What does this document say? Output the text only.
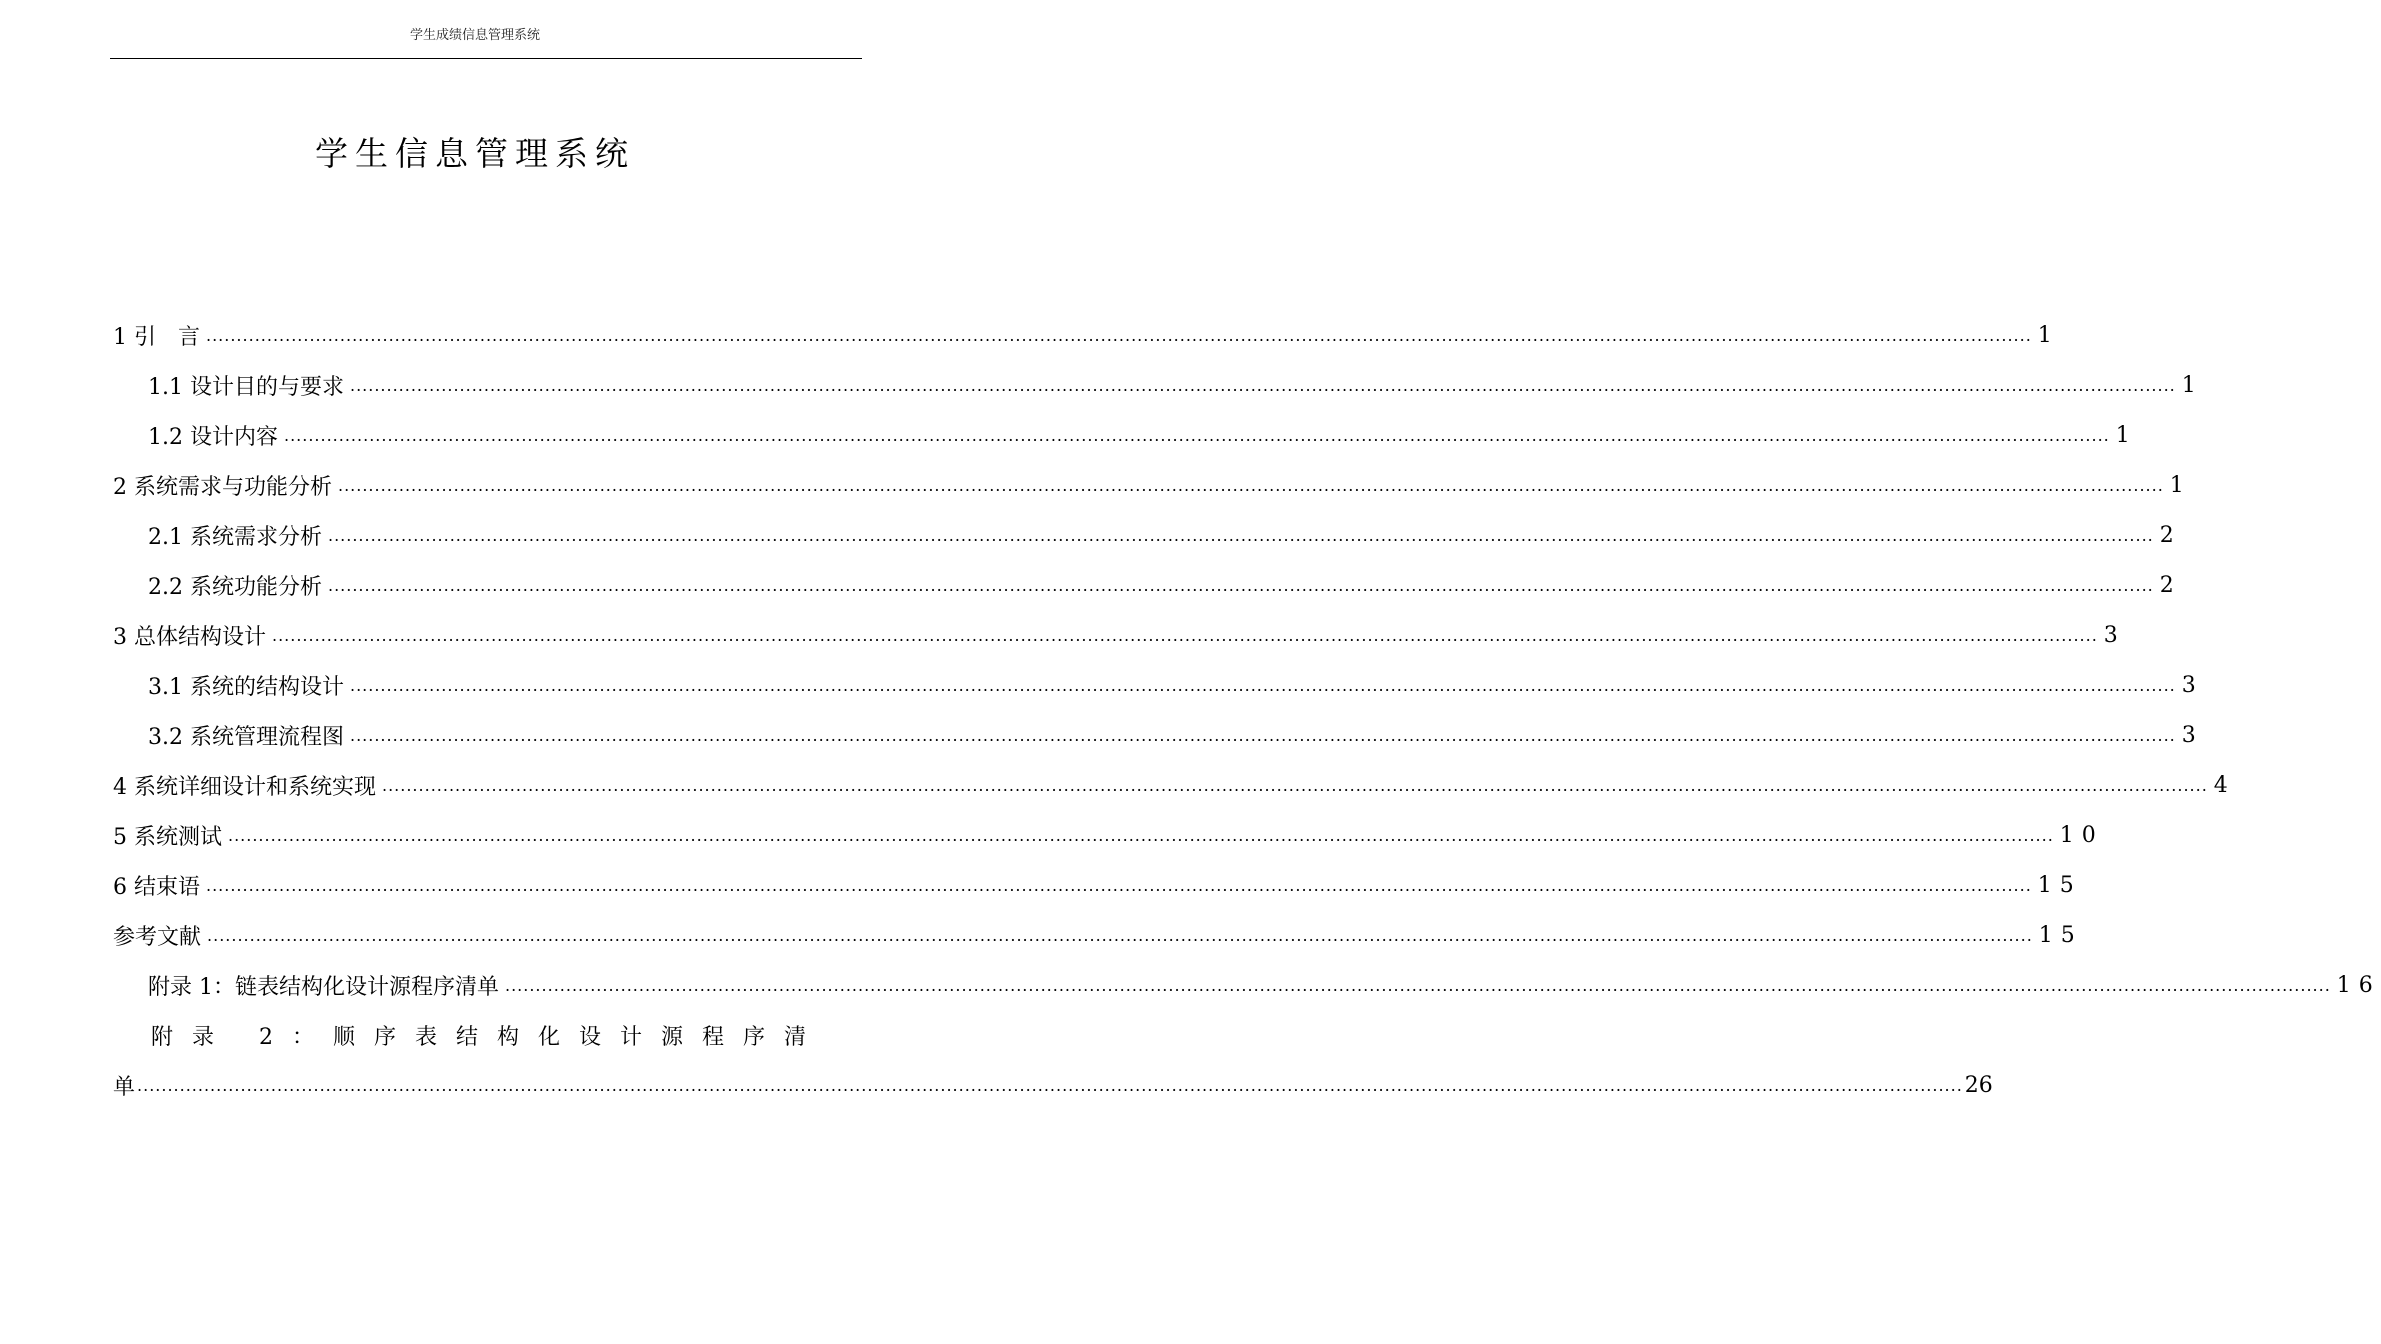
学生成绩信息管理系统
学生信息管理系统
1 引　言 ............................................................................................................................................................................................................................................................................................................ 1
1.1 设计目的与要求 ............................................................................................................................................................................................................................................................................................................ 1
1.2 设计内容 ............................................................................................................................................................................................................................................................................................................ 1
2 系统需求与功能分析 ............................................................................................................................................................................................................................................................................................................ 1
2.1 系统需求分析 ............................................................................................................................................................................................................................................................................................................ 2
2.2 系统功能分析 ............................................................................................................................................................................................................................................................................................................ 2
3 总体结构设计 ............................................................................................................................................................................................................................................................................................................ 3
3.1 系统的结构设计 ............................................................................................................................................................................................................................................................................................................ 3
3.2 系统管理流程图 ............................................................................................................................................................................................................................................................................................................ 3
4 系统详细设计和系统实现 ............................................................................................................................................................................................................................................................................................................ 4
5 系统测试 ............................................................................................................................................................................................................................................................................................................ 10
6 结束语 ............................................................................................................................................................................................................................................................................................................ 15
参考文献 ............................................................................................................................................................................................................................................................................................................ 15
附录 1：链表结构化设计源程序清单 ............................................................................................................................................................................................................................................................................................................ 16
附录 2：顺序表结构化设计源程序清
单 ............................................................................................................................................................................................................................................................................................................ 26
